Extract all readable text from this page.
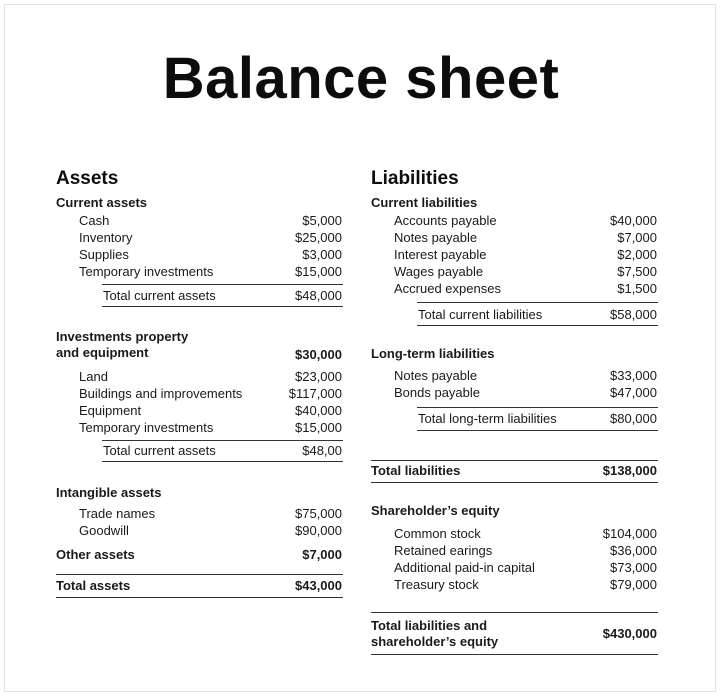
Balance sheet
Assets
Current assets
Cash	$5,000
Inventory	$25,000
Supplies	$3,000
Temporary investments	$15,000
Total current assets	$48,000
Investments property
and equipment	$30,000
Land	$23,000
Buildings and improvements	$117,000
Equipment	$40,000
Temporary investments	$15,000
Total current assets	$48,00
Intangible assets
Trade names	$75,000
Goodwill	$90,000
Other assets	$7,000
Total assets	$43,000
Liabilities
Current liabilities
Accounts payable	$40,000
Notes payable	$7,000
Interest payable	$2,000
Wages payable	$7,500
Accrued expenses	$1,500
Total current liabilities	$58,000
Long-term liabilities
Notes payable	$33,000
Bonds payable	$47,000
Total long-term liabilities	$80,000
Total liabilities	$138,000
Shareholder’s equity
Common stock	$104,000
Retained earings	$36,000
Additional paid-in capital	$73,000
Treasury stock	$79,000
Total liabilities and
shareholder’s equity
$430,000
